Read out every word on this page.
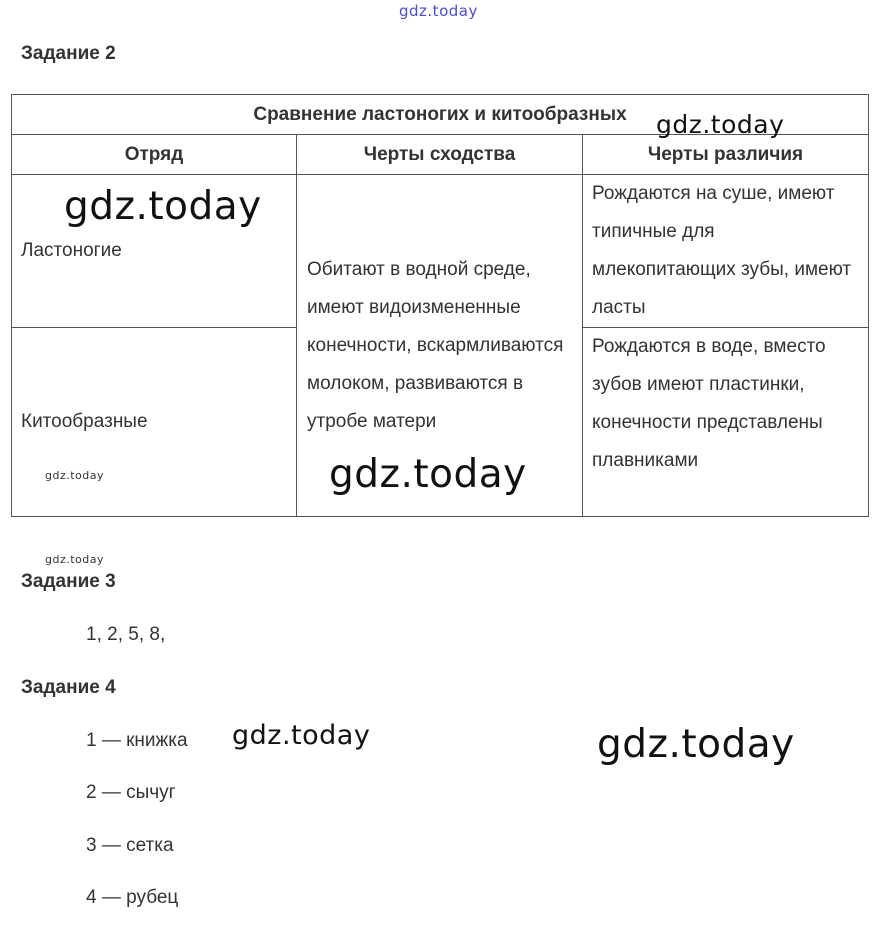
gdz.today
Задание 2
Сравнение ластоногих и китообразных		
Отряд	Черты сходства	Черты различия
Ластоногие	Обитают в водной среде, имеют видоизмененные конечности, вскармливаются молоком, развиваются в утробе матери	Рождаются на суше, имеют типичные для млекопитающих зубы, имеют ласты
Китообразные		Рождаются в воде, вместо зубов имеют пластинки, конечности представлены плавниками
gdz.today
gdz.today
gdz.today
gdz.today
gdz.today
Задание 3
1, 2, 5, 8,
Задание 4
1 — книжка
2 — сычуг
3 — сетка
4 — рубец
gdz.today	gdz.today
